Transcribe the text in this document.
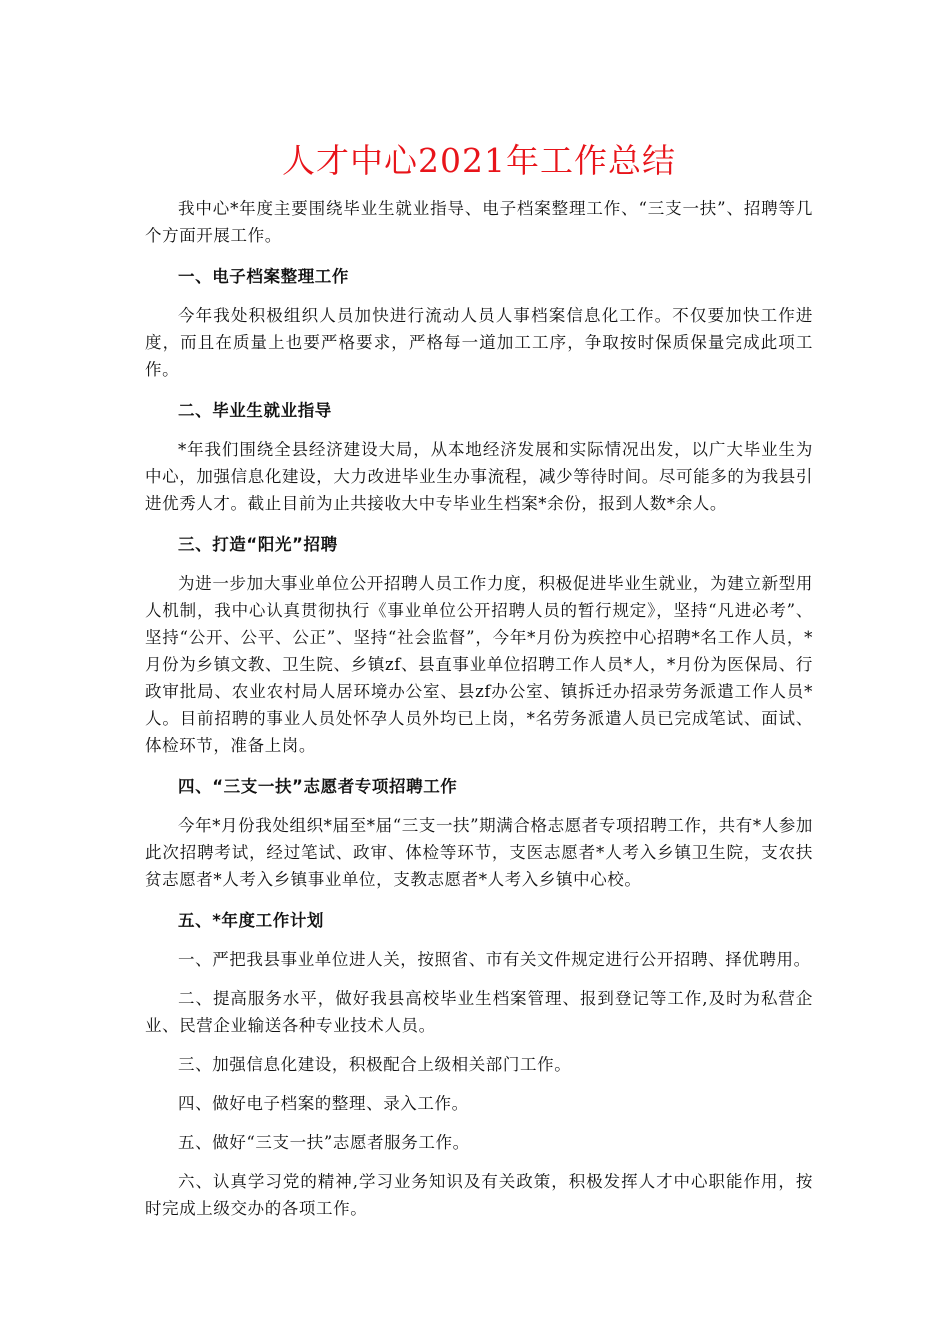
人才中心2021年工作总结

我中心*年度主要围绕毕业生就业指导、电子档案整理工作、“三支一扶”、招聘等几个方面开展工作。

一、电子档案整理工作

今年我处积极组织人员加快进行流动人员人事档案信息化工作。不仅要加快工作进度，而且在质量上也要严格要求，严格每一道加工工序，争取按时保质保量完成此项工作。

二、毕业生就业指导

*年我们围绕全县经济建设大局，从本地经济发展和实际情况出发，以广大毕业生为中心，加强信息化建设，大力改进毕业生办事流程，减少等待时间。尽可能多的为我县引进优秀人才。截止目前为止共接收大中专毕业生档案*余份，报到人数*余人。

三、打造“阳光”招聘

为进一步加大事业单位公开招聘人员工作力度，积极促进毕业生就业，为建立新型用人机制，我中心认真贯彻执行《事业单位公开招聘人员的暂行规定》，坚持“凡进必考”、坚持“公开、公平、公正”、坚持“社会监督”，今年*月份为疾控中心招聘*名工作人员，*月份为乡镇文教、卫生院、乡镇zf、县直事业单位招聘工作人员*人，*月份为医保局、行政审批局、农业农村局人居环境办公室、县zf办公室、镇拆迁办招录劳务派遣工作人员*人。目前招聘的事业人员处怀孕人员外均已上岗，*名劳务派遣人员已完成笔试、面试、体检环节，准备上岗。

四、“三支一扶”志愿者专项招聘工作

今年*月份我处组织*届至*届“三支一扶”期满合格志愿者专项招聘工作，共有*人参加此次招聘考试，经过笔试、政审、体检等环节，支医志愿者*人考入乡镇卫生院，支农扶贫志愿者*人考入乡镇事业单位，支教志愿者*人考入乡镇中心校。

五、*年度工作计划

一、严把我县事业单位进人关，按照省、市有关文件规定进行公开招聘、择优聘用。

二、提高服务水平，做好我县高校毕业生档案管理、报到登记等工作,及时为私营企业、民营企业输送各种专业技术人员。

三、加强信息化建设，积极配合上级相关部门工作。

四、做好电子档案的整理、录入工作。

五、做好“三支一扶”志愿者服务工作。

六、认真学习党的精神,学习业务知识及有关政策，积极发挥人才中心职能作用，按时完成上级交办的各项工作。
